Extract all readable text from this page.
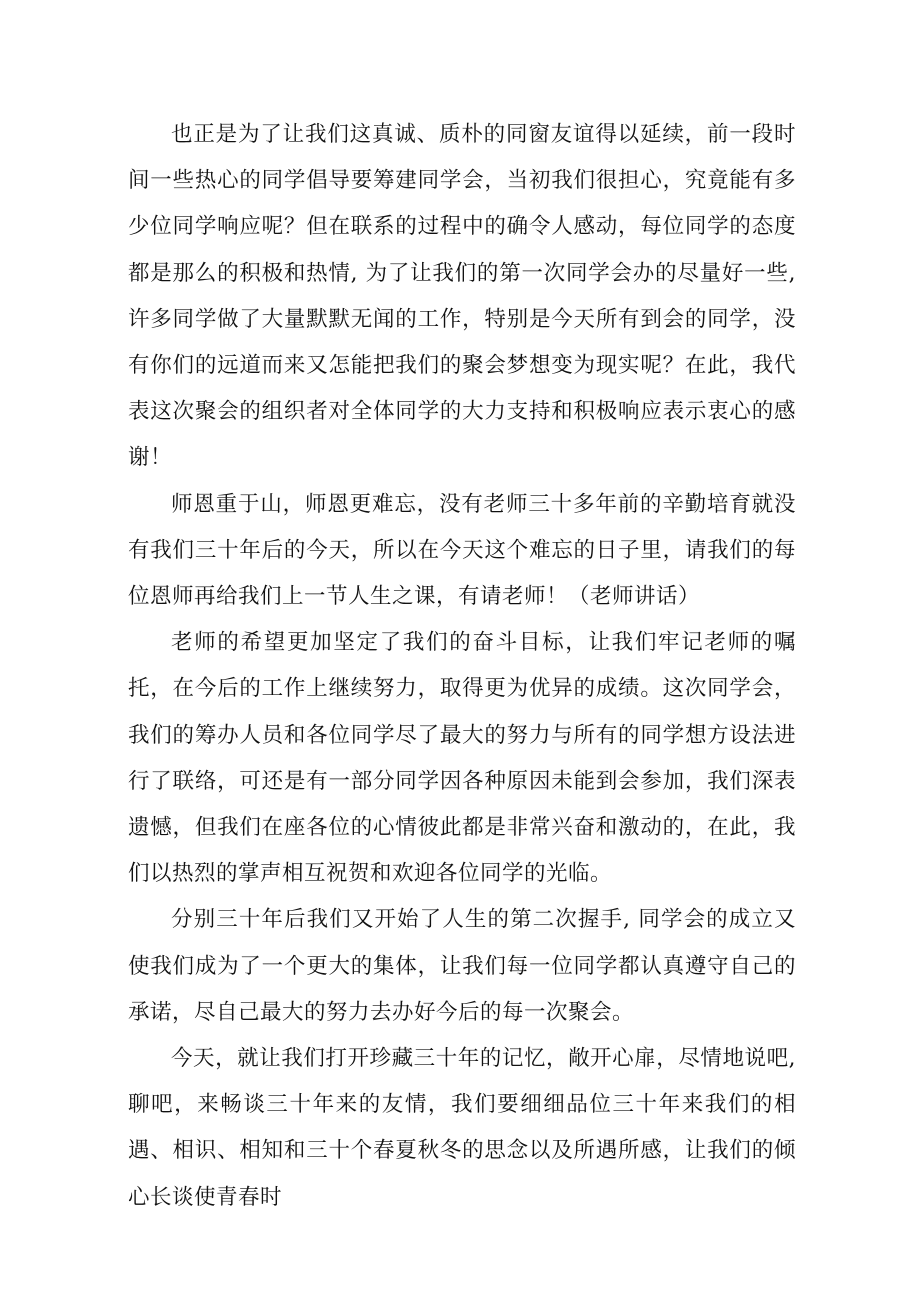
也正是为了让我们这真诚、质朴的同窗友谊得以延续，前一段时间一些热心的同学倡导要筹建同学会，当初我们很担心，究竟能有多少位同学响应呢？但在联系的过程中的确令人感动，每位同学的态度都是那么的积极和热情, 为了让我们的第一次同学会办的尽量好一些, 许多同学做了大量默默无闻的工作，特别是今天所有到会的同学，没有你们的远道而来又怎能把我们的聚会梦想变为现实呢？在此，我代表这次聚会的组织者对全体同学的大力支持和积极响应表示衷心的感谢！

师恩重于山，师恩更难忘，没有老师三十多年前的辛勤培育就没有我们三十年后的今天，所以在今天这个难忘的日子里，请我们的每位恩师再给我们上一节人生之课，有请老师！（老师讲话）

老师的希望更加坚定了我们的奋斗目标，让我们牢记老师的嘱托，在今后的工作上继续努力，取得更为优异的成绩。这次同学会，我们的筹办人员和各位同学尽了最大的努力与所有的同学想方设法进行了联络，可还是有一部分同学因各种原因未能到会参加，我们深表遗憾，但我们在座各位的心情彼此都是非常兴奋和激动的，在此，我们以热烈的掌声相互祝贺和欢迎各位同学的光临。

分别三十年后我们又开始了人生的第二次握手, 同学会的成立又使我们成为了一个更大的集体，让我们每一位同学都认真遵守自己的承诺，尽自己最大的努力去办好今后的每一次聚会。

今天，就让我们打开珍藏三十年的记忆，敞开心扉，尽情地说吧, 聊吧，来畅谈三十年来的友情，我们要细细品位三十年来我们的相遇、相识、相知和三十个春夏秋冬的思念以及所遇所感，让我们的倾心长谈使青春时
